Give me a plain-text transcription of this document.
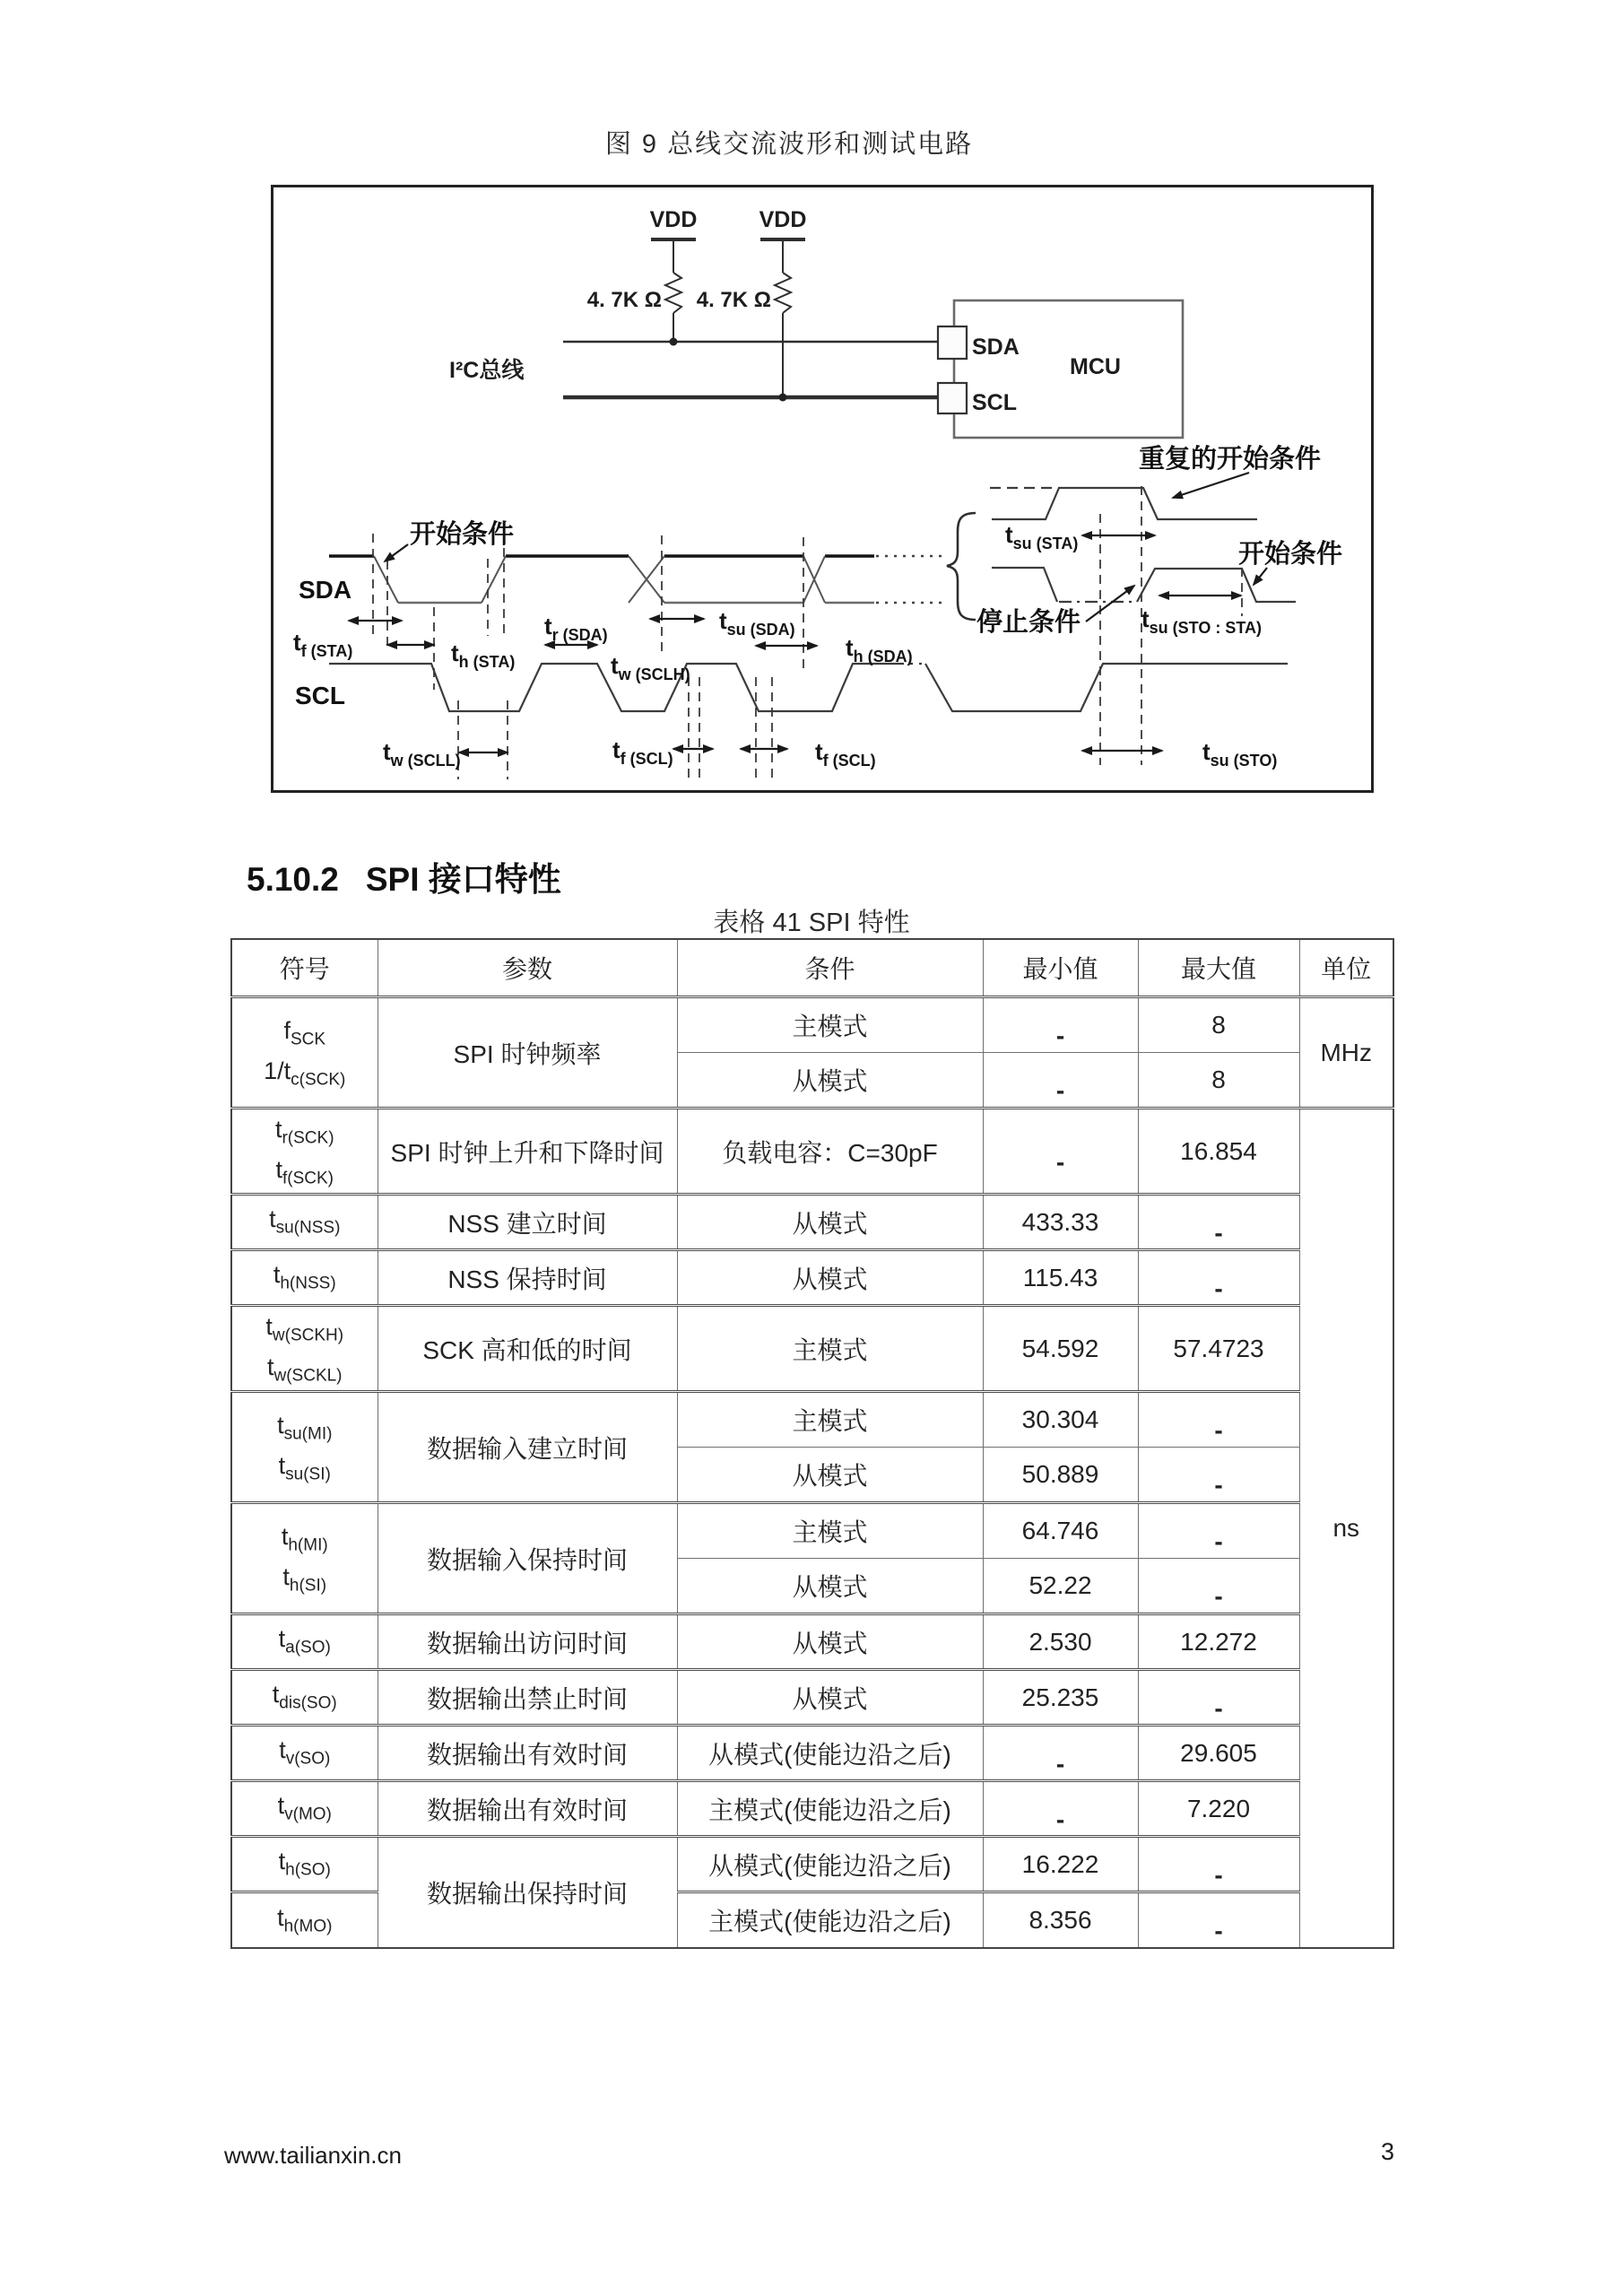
图 9 总线交流波形和测试电路
VDD	VDD
4. 7K Ω 4. 7K Ω
I²C总线
SDA
SCL
MCU
SDA
SCL
$t_{f (STA)}$	$t_{h (STA)}$
$t_{r (SDA)}$
$t_{su (SDA)}$
$t_{h (SDA)}$
$t_{w (SCLH)}$
$t_{w (SCLL)}$	$t_{f (SCL)}$	$t_{f (SCL)}$	$t_{su (STO)}$
$t_{su (STA)}$
$t_{su (STO : STA)}$
开始条件
重复的开始条件
停止条件
开始条件
5.10.2 SPI 接口特性
表格 41 SPI 特性
符号	参数	条件	最小值	最大值	单位

$f_{SCK}$
$1/t_{c(SCK)}$	SPI 时钟频率	主模式	-	8	MHz
		从模式	-	8	

$t_{r(SCK)}$
$t_{f(SCK)}$	SPI 时钟上升和下降时间	负载电容：C=30pF	-	16.854	ns
$t_{su(NSS)}$	NSS 建立时间	从模式	433.33	-	
$t_{h(NSS)}$	NSS 保持时间	从模式	115.43	-	

$t_{w(SCKH)}$
$t_{w(SCKL)}$	SCK 高和低的时间	主模式	54.592	57.4723	

$t_{su(MI)}$
$t_{su(SI)}$	数据输入建立时间	主模式	30.304	-	
		从模式	50.889	-	

$t_{h(MI)}$
$t_{h(SI)}$	数据输入保持时间	主模式	64.746	-	
		从模式	52.22	-	
$t_{a(SO)}$	数据输出访问时间	从模式	2.530	12.272	
$t_{dis(SO)}$	数据输出禁止时间	从模式	25.235	-	
$t_{v(SO)}$	数据输出有效时间	从模式(使能边沿之后)	-	29.605	
$t_{v(MO)}$	数据输出有效时间	主模式(使能边沿之后)	-	7.220	
$t_{h(SO)}$	数据输出保持时间	从模式(使能边沿之后)	16.222	-	
$t_{h(MO)}$		主模式(使能边沿之后)	8.356	-	
www.tailianxin.cn	3
